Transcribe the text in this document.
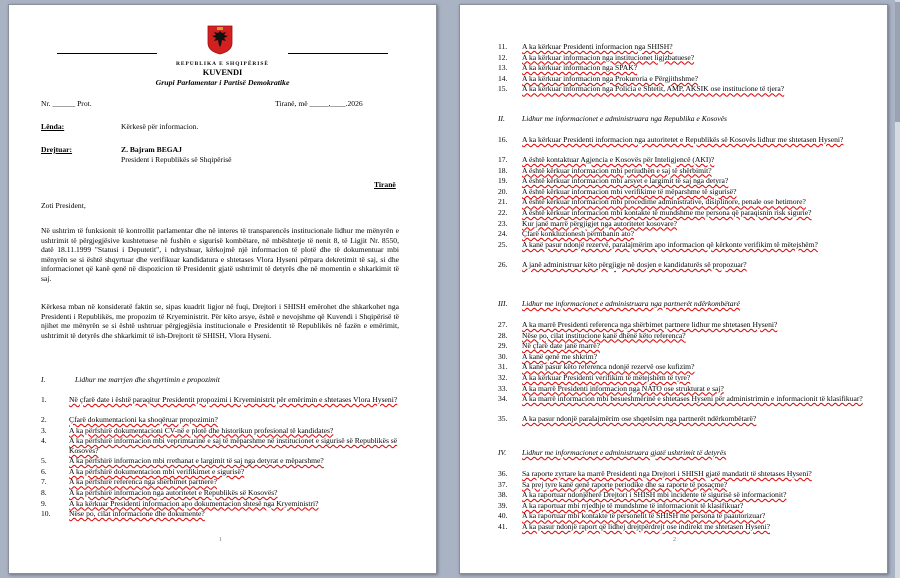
REPUBLIKA E SHQIPËRISË
KUVENDI
Grupi Parlamentar i Partisë Demokratike
Nr. ______ Prot.	Tiranë, më _____,____.2026
Lënda:	Kërkesë për informacion.
Drejtuar:	Z. Bajram BEGAJ
President i Republikës së Shqipërisë
Tiranë
Zoti President,
Në ushtrim të funksionit të kontrollit parlamentar dhe në interes të transparencës institucionale lidhur me mënyrën e ushtrimit të përgjegjësive kushtetuese në fushën e sigurisë kombëtare, në mbështetje të nenit 8, të Ligjit Nr. 8550, datë 18.11.1999 "Statusi i Deputetit", i ndryshuar, kërkojmë një informacion të plotë dhe të dokumentuar mbi mënyrën se si është shqyrtuar dhe verifikuar kandidatura e shtetases Vlora Hyseni përpara dekretimit të saj, si dhe informacionet që kanë qenë në dispozicion të Presidentit gjatë ushtrimit të detyrës dhe në momentin e shkarkimit të saj.
Kërkesa mban në konsideratë faktin se, sipas kuadrit ligjor në fuqi, Drejtori i SHISH emërohet dhe shkarkohet nga Presidenti i Republikës, me propozim të Kryeministrit. Për këto arsye, është e nevojshme që Kuvendi i Shqipërisë të njihet me mënyrën se si është ushtruar përgjegjësia institucionale e Presidentit të Republikës në fazën e emërimit, ushtrimit të detyrës dhe shkarkimit të ish-Drejtorit të SHISH, Vlora Hyseni.
I.	Lidhur me marrjen dhe shqyrtimin e propozimit
1.	Në çfarë date i është paraqitur Presidentit propozimi i Kryeministrit për emërimin e shtetases Vlora Hyseni?
2.	Çfarë dokumentacioni ka shoqëruar propozimin?
3.	A ka përfshirë dokumentacioni CV-në e plotë dhe historikun profesional të kandidates?
4.	A ka përfshirë informacion mbi veprimtarinë e saj të mëparshme në institucionet e sigurisë së Republikës së Kosovës?
5.	A ka përfshirë informacion mbi rrethanat e largimit të saj nga detyrat e mëparshme?
6.	A ka përfshirë dokumentacion mbi verifikimet e sigurisë?
7.	A ka përfshirë referenca nga shërbimet partnere?
8.	A ka përfshirë informacion nga autoritetet e Republikës së Kosovës?
9.	A ka kërkuar Presidenti informacion apo dokumentacion shtesë nga Kryeministri?
10. Nëse po, cilat informacione dhe dokumente?
1
11. A ka kërkuar Presidenti informacion nga SHISH?
12. A ka kërkuar informacion nga institucionet ligjzbatuese?
13. A ka kërkuar informacion nga SPAK?
14. A ka kërkuar informacion nga Prokuroria e Përgjithshme?
15. A ka kërkuar informacion nga Policia e Shtetit, AMP, AKSIK ose institucione të tjera?
II. Lidhur me informacionet e administruara nga Republika e Kosovës
16. A ka kërkuar Presidenti informacion nga autoritetet e Republikës së Kosovës lidhur me shtetasen Hyseni?
17. A është kontaktuar Agjencia e Kosovës për Inteligjencë (AKI)?
18. A është kërkuar informacion mbi periudhën e saj të shërbimit?
19. A është kërkuar informacion mbi arsyet e largimit të saj nga detyra?
20. A është kërkuar informacion mbi verifikime të mëparshme të sigurisë?
21. A është kërkuar informacion mbi procedime administrative, disiplinore, penale ose hetimore?
22. A është kërkuar informacion mbi kontakte të mundshme me persona që paraqisnin risk sigurie?
23. Kur janë marrë përgjigjet nga autoritetet kosovare?
24. Çfarë konkluzionesh përmbanin ato?
25. A kanë pasur ndonjë rezervë, paralajmërim apo informacion që kërkonte verifikim të mëtejshëm?
26. A janë administruar këto përgjigje në dosjen e kandidaturës së propozuar?
III. Lidhur me informacionet e administruara nga partnerët ndërkombëtarë
27. A ka marrë Presidenti referenca nga shërbimet partnere lidhur me shtetasen Hyseni?
28. Nëse po, cilat institucione kanë dhënë këto referenca?
29. Në çfarë date janë marrë?
30. A kanë qenë me shkrim?
31. A kanë pasur këto referenca ndonjë rezervë ose kufizim?
32. A ka kërkuar Presidenti verifikim të mëtejshëm të tyre?
33. A ka marrë Presidenti informacion nga NATO ose strukturat e saj?
34. A ka marrë informacion mbi besueshmërinë e shtetases Hyseni për administrimin e informacionit të klasifikuar?
35. A ka pasur ndonjë paralajmërim ose shqetësim nga partnerët ndërkombëtarë?
IV. Lidhur me informacionet e administruara gjatë ushtrimit të detyrës
36. Sa raporte zyrtare ka marrë Presidenti nga Drejtori i SHISH gjatë mandatit të shtetases Hyseni?
37. Sa prej tyre kanë qenë raporte periodike dhe sa raporte të posaçme?
38. A ka raportuar ndonjëherë Drejtori i SHISH mbi incidente të sigurisë së informacionit?
39. A ka raportuar mbi rrjedhje të mundshme të informacionit të klasifikuar?
40. A ka raportuar mbi kontakte të personelit të SHISH me persona të paautorizuar?
41. A ka pasur ndonjë raport që lidhej drejtpërdrejt ose indirekt me shtetasen Hyseni?
2
